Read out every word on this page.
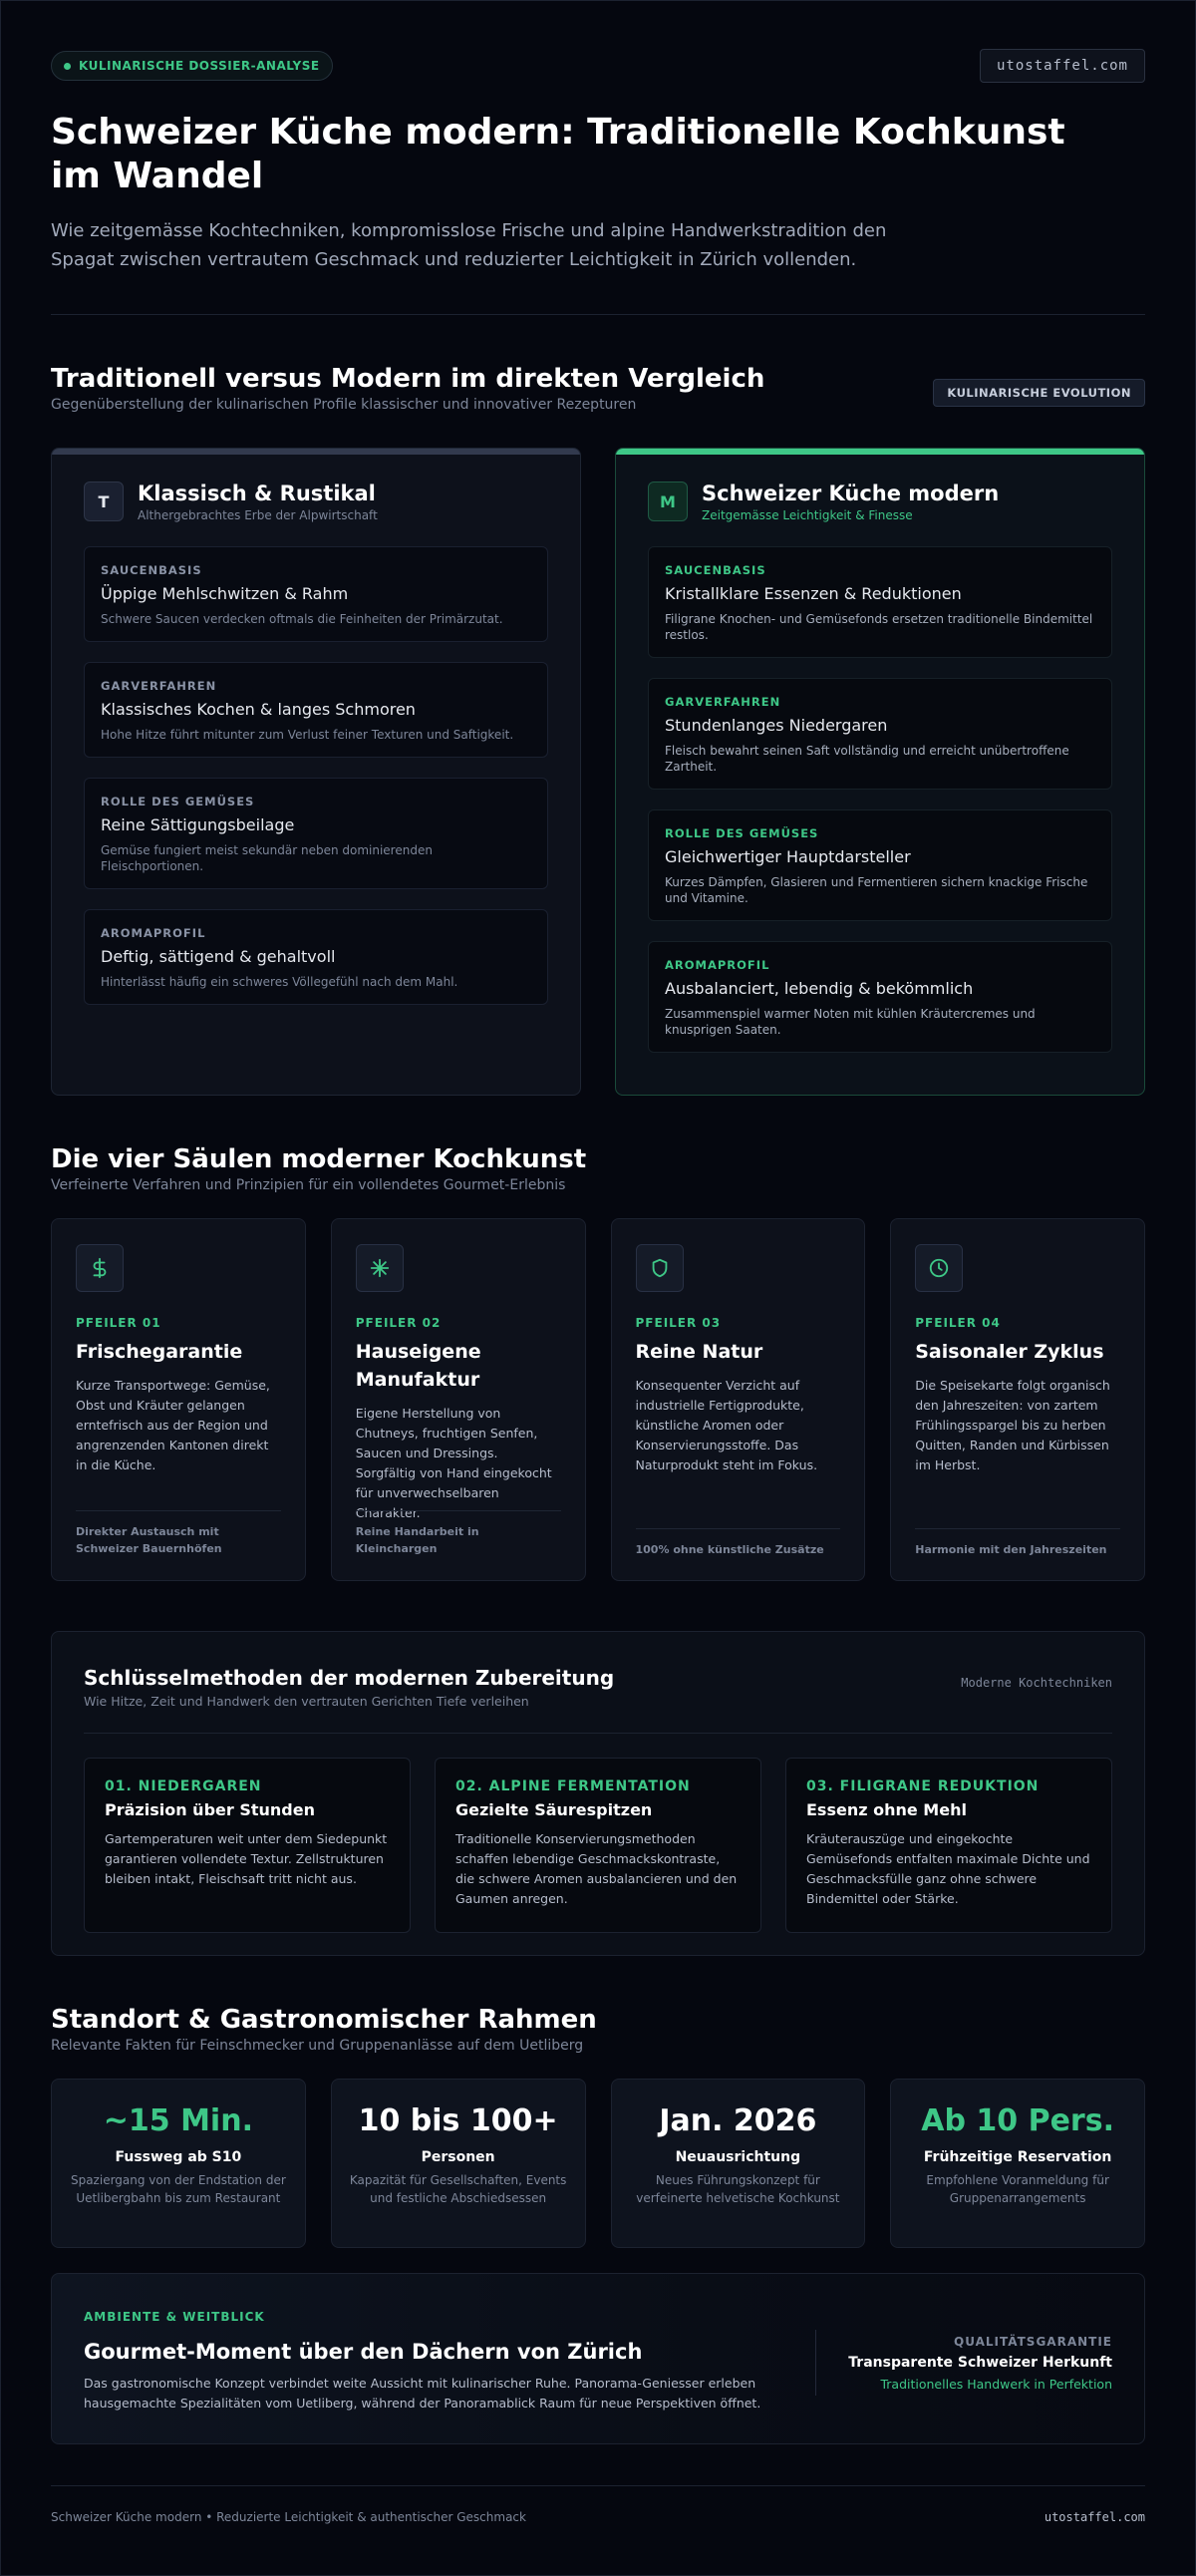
KULINARISCHE DOSSIER-ANALYSE	utostaffel.com
Schweizer Küche modern: Traditionelle Kochkunst im Wandel

Wie zeitgemässe Kochtechniken, kompromisslose Frische und alpine Handwerkstradition den Spagat zwischen vertrautem Geschmack und reduzierter Leichtigkeit in Zürich vollenden.

Traditionell versus Modern im direkten Vergleich
Gegenüberstellung der kulinarischen Profile klassischer und innovativer Rezepturen
KULINARISCHE EVOLUTION
T	Klassisch & Rustikal
Althergebrachtes Erbe der Alpwirtschaft
SAUCENBASIS
Üppige Mehlschwitzen & Rahm
Schwere Saucen verdecken oftmals die Feinheiten der Primärzutat.
GARVERFAHREN
Klassisches Kochen & langes Schmoren
Hohe Hitze führt mitunter zum Verlust feiner Texturen und Saftigkeit.
ROLLE DES GEMÜSES
Reine Sättigungsbeilage
Gemüse fungiert meist sekundär neben dominierenden Fleischportionen.
AROMAPROFIL
Deftig, sättigend & gehaltvoll
Hinterlässt häufig ein schweres Völlegefühl nach dem Mahl.
M	Schweizer Küche modern
Zeitgemässe Leichtigkeit & Finesse
SAUCENBASIS
Kristallklare Essenzen & Reduktionen
Filigrane Knochen- und Gemüsefonds ersetzen traditionelle Bindemittel restlos.
GARVERFAHREN
Stundenlanges Niedergaren
Fleisch bewahrt seinen Saft vollständig und erreicht unübertroffene Zartheit.
ROLLE DES GEMÜSES
Gleichwertiger Hauptdarsteller
Kurzes Dämpfen, Glasieren und Fermentieren sichern knackige Frische und Vitamine.
AROMAPROFIL
Ausbalanciert, lebendig & bekömmlich
Zusammenspiel warmer Noten mit kühlen Kräutercremes und knusprigen Saaten.
Die vier Säulen moderner Kochkunst
Verfeinerte Verfahren und Prinzipien für ein vollendetes Gourmet-Erlebnis
PFEILER 01
Frischegarantie
Kurze Transportwege: Gemüse, Obst und Kräuter gelangen erntefrisch aus der Region und angrenzenden Kantonen direkt in die Küche.
Direkter Austausch mit Schweizer Bauernhöfen
PFEILER 02
Hauseigene Manufaktur
Eigene Herstellung von Chutneys, fruchtigen Senfen, Saucen und Dressings. Sorgfältig von Hand eingekocht für unverwechselbaren Charakter.
Reine Handarbeit in Kleinchargen
PFEILER 03
Reine Natur
Konsequenter Verzicht auf industrielle Fertigprodukte, künstliche Aromen oder Konservierungsstoffe. Das Naturprodukt steht im Fokus.
100% ohne künstliche Zusätze
PFEILER 04
Saisonaler Zyklus
Die Speisekarte folgt organisch den Jahreszeiten: von zartem Frühlingsspargel bis zu herben Quitten, Randen und Kürbissen im Herbst.
Harmonie mit den Jahreszeiten
Schlüsselmethoden der modernen Zubereitung
Wie Hitze, Zeit und Handwerk den vertrauten Gerichten Tiefe verleihen
Moderne Kochtechniken
01. NIEDERGAREN
Präzision über Stunden
Gartemperaturen weit unter dem Siedepunkt garantieren vollendete Textur. Zellstrukturen bleiben intakt, Fleischsaft tritt nicht aus.
02. ALPINE FERMENTATION
Gezielte Säurespitzen
Traditionelle Konservierungsmethoden schaffen lebendige Geschmackskontraste, die schwere Aromen ausbalancieren und den Gaumen anregen.
03. FILIGRANE REDUKTION
Essenz ohne Mehl
Kräuterauszüge und eingekochte Gemüsefonds entfalten maximale Dichte und Geschmacksfülle ganz ohne schwere Bindemittel oder Stärke.
Standort & Gastronomischer Rahmen
Relevante Fakten für Feinschmecker und Gruppenanlässe auf dem Uetliberg
~15 Min.
Fussweg ab S10
Spaziergang von der Endstation der Uetlibergbahn bis zum Restaurant
10 bis 100+
Personen
Kapazität für Gesellschaften, Events und festliche Abschiedsessen
Jan. 2026
Neuausrichtung
Neues Führungskonzept für verfeinerte helvetische Kochkunst
Ab 10 Pers.
Frühzeitige Reservation
Empfohlene Voranmeldung für Gruppenarrangements
AMBIENTE & WEITBLICK
Gourmet-Moment über den Dächern von Zürich
Das gastronomische Konzept verbindet weite Aussicht mit kulinarischer Ruhe. Panorama-Geniesser erleben hausgemachte Spezialitäten vom Uetliberg, während der Panoramablick Raum für neue Perspektiven öffnet.
QUALITÄTSGARANTIE
Transparente Schweizer Herkunft
Traditionelles Handwerk in Perfektion
Schweizer Küche modern • Reduzierte Leichtigkeit & authentischer Geschmack	utostaffel.com
